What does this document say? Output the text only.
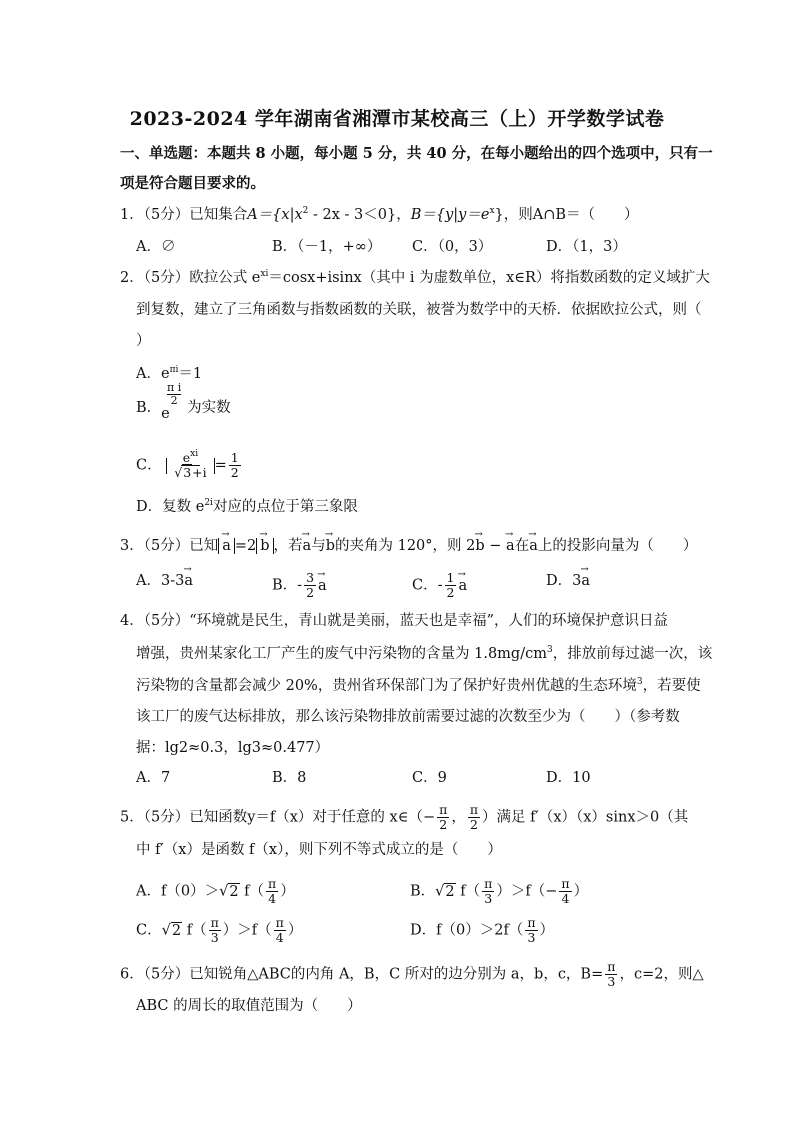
2023-2024 学年湖南省湘潭市某校高三（上）开学数学试卷
一、单选题：本题共 8 小题，每小题 5 分，共 40 分，在每小题给出的四个选项中，只有一
项是符合题目要求的。
1．（5分）已知集合$A=\{x|x^2 - 2x - 3<0\}$，$B=\{y|y=e^x\}$，则A∩B＝（　　）
A．∅	B．（－1，+∞） C．（0，3）	D．（1，3）
2．（5分）欧拉公式 $e^{xi}=\cos x+isinx$（其中 i 为虚数单位，x∈R）将指数函数的定义域扩大
到复数，建立了三角函数与指数函数的关联，被誉为数学中的天桥．依据欧拉公式，则（
）
A．$e^{\pi i}=1$
B．
π i
2
e 为实数
C． $\frac{e^{xi}}{√3+i} = \frac{1}{2}$
D．复数 $e^{2i}$对应的点位于第三象限
3．（5分）已知→ a =2→ b ，若→ a与→ b的夹角为 120°，则 2→ b − → a在→ a上的投影向量为（　　）
A．3-3→ a	B．- $\frac{3}{2}$
→ a	C．- $\frac{1}{2}$
→ a	D．3→ a
4．（5分）“环境就是民生，青山就是美丽，蓝天也是幸福”，人们的环境保护意识日益
增强，贵州某家化工厂产生的废气中污染物的含量为 $1.8mg/cm^3$，排放前每过滤一次，该
污染物的含量都会减少 20%，贵州省环保部门为了保护好贵州优越的生态环境$^3$，若要使
该工厂的废气达标排放，那么该污染物排放前需要过滤的次数至少为（　　）（参考数
据：lg2≈0.3，lg3≈0.477）
A．7	B．8	C．9	D．10
5．（5分）已知函数y＝f（x）对于任意的 x∈（− $\frac{\pi}{2}$ ， $\frac{\pi}{2}$ ）满足 f′（x）（x）sinx＞0（其
中 f′（x）是函数 f（x），则下列不等式成立的是（　　）
A．f（0）＞√2 $f( \frac{\pi}{4}$ ）	B．√2 $f( \frac{\pi}{3} )>f(- \frac{\pi}{4}$ ）
C．√2 $f( \frac{\pi}{3} )>f( \frac{\pi}{4}$ ）	D．$f(0)>2f( \frac{\pi}{3}$ ）
6．（5分）已知锐角△ABC的内角 A，B，C 所对的边分别为 a，b，c，$B= \frac{\pi}{3}$ ，c=2，则△
ABC 的周长的取值范围为（　　）
